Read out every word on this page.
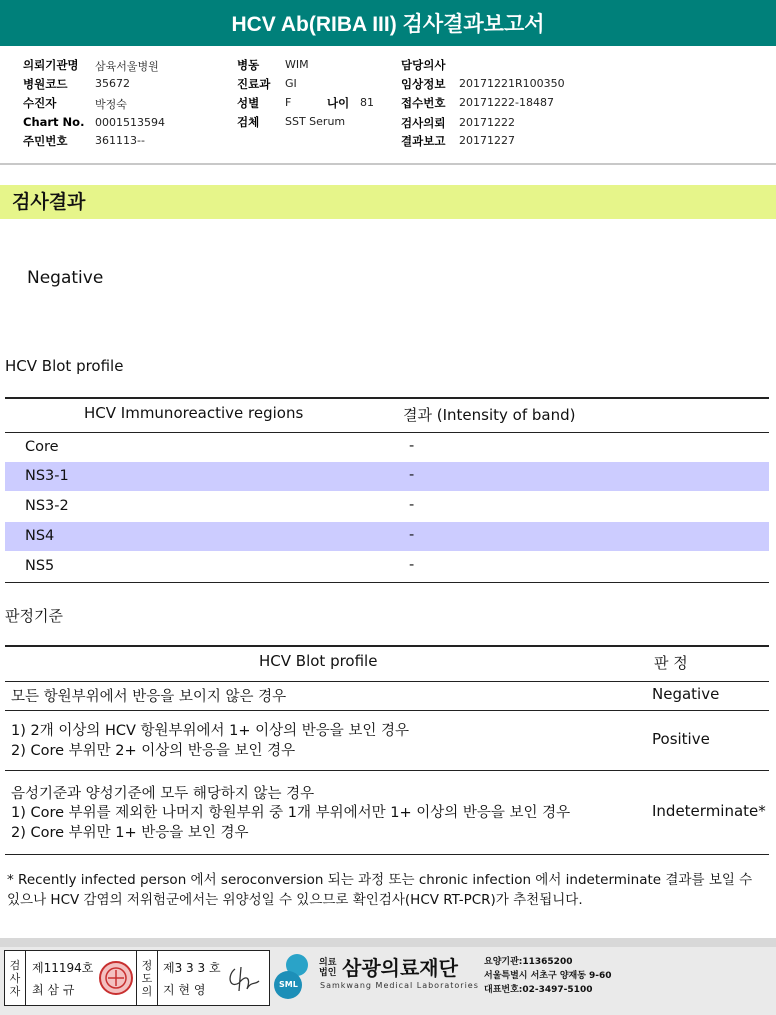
HCV Ab(RIBA III) 검사결과보고서
의뢰기관명 삼육서울병원
병원코드	35672
수진자	박정숙
Chart No. 0001513594
주민번호	361113--
병동 WIM
진료과 GI
성별 F	나이 81
검체 SST Serum
담당의사
임상정보 20171221R100350
접수번호 20171222-18487
검사의뢰 20171222
결과보고 20171227
검사결과
Negative
HCV Blot profile
HCV Immunoreactive regions	결과 (Intensity of band)
Core	-
NS3-1	-
NS3-2	-
NS4	-
NS5	-
판정기준
HCV Blot profile	판 정
모든 항원부위에서 반응을 보이지 않은 경우	Negative
1) 2개 이상의 HCV 항원부위에서 1+ 이상의 반응을 보인 경우
2) Core 부위만 2+ 이상의 반응을 보인 경우
Positive
음성기준과 양성기준에 모두 해당하지 않는 경우
1) Core 부위를 제외한 나머지 항원부위 중 1개 부위에서만 1+ 이상의 반응을 보인 경우
2) Core 부위만 1+ 반응을 보인 경우
Indeterminate*
* Recently infected person 에서 seroconversion 되는 과정 또는 chronic infection 에서 indeterminate 결과를 보일 수 있으나 HCV 감염의 저위험군에서는 위양성일 수 있으므로 확인검사(HCV RT-PCR)가 추천됩니다.
검
사
자
제11194호
최 삼 규
정
도
의
제3 3 3 호
지 현 영	SML
의료
법인 삼광의료재단
Samkwang Medical Laboratories
요양기관:11365200
서울특별시 서초구 양재동 9-60
대표번호:02-3497-5100
